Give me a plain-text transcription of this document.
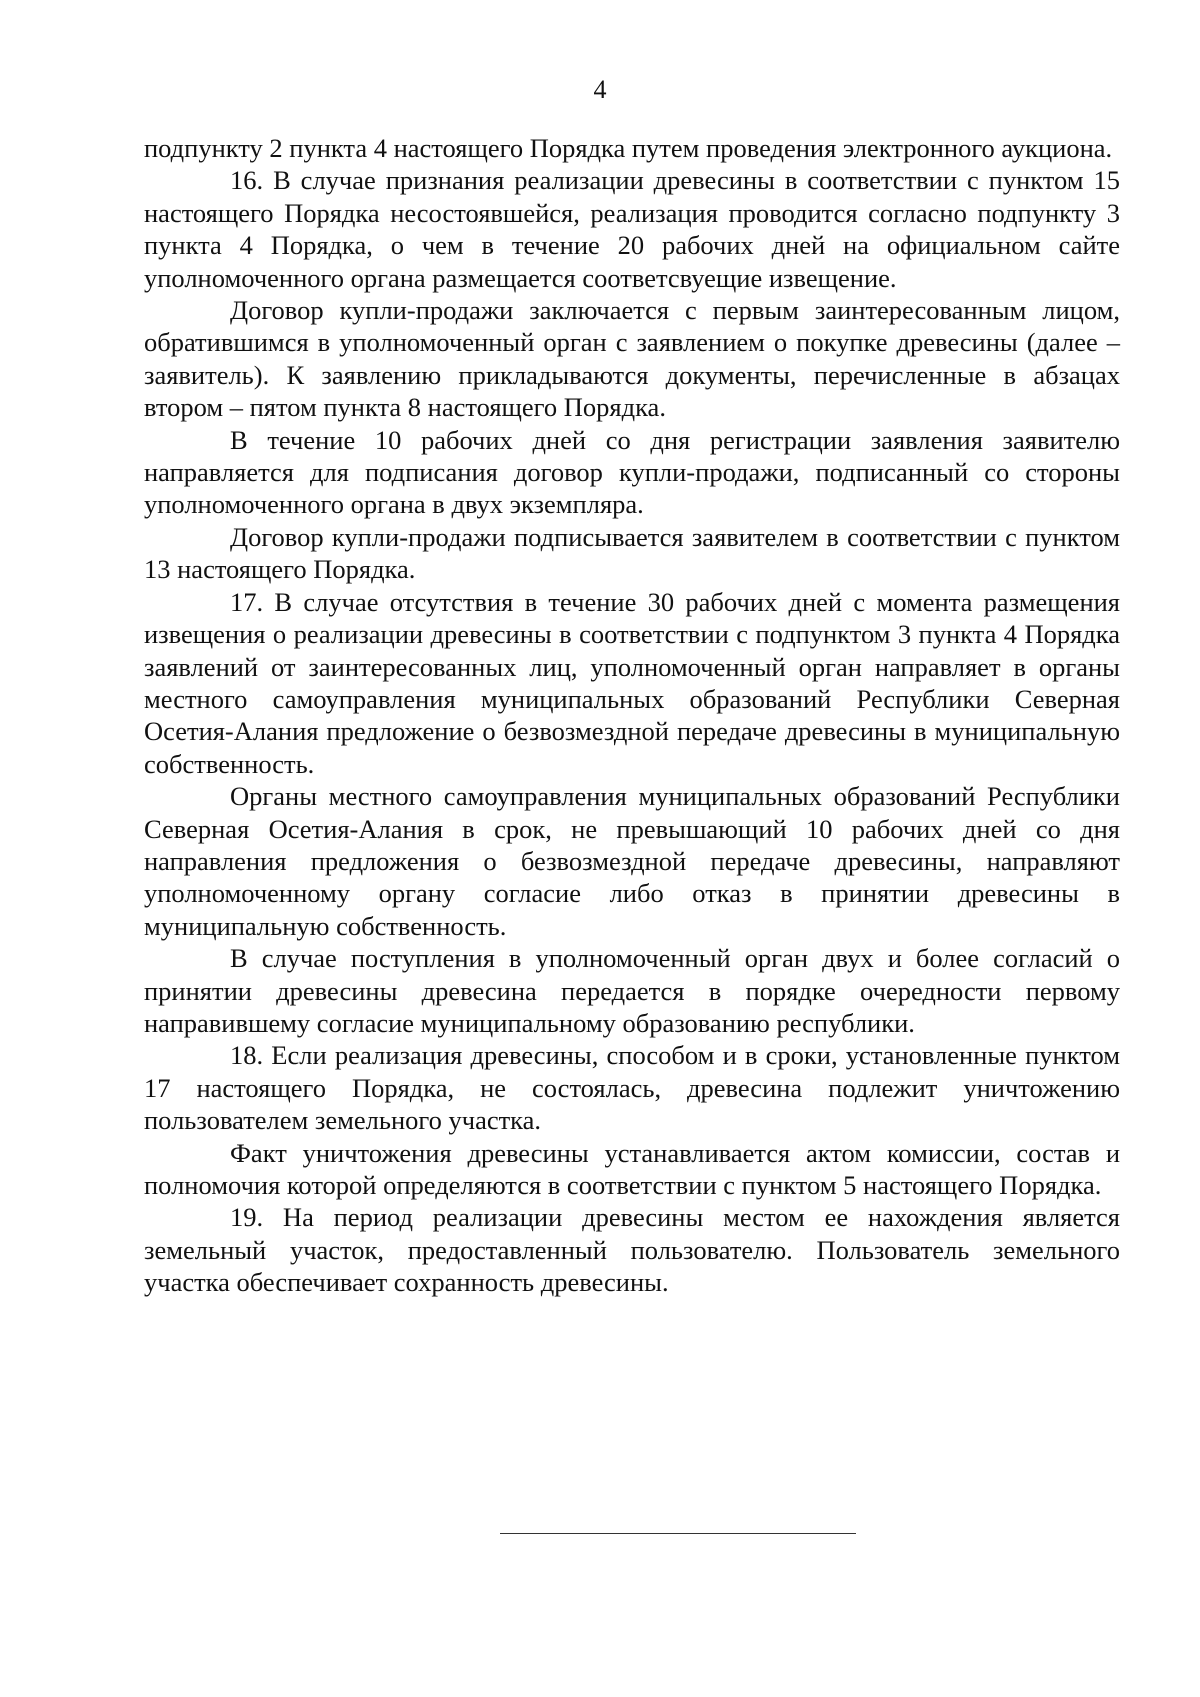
4

подпункту 2 пункта 4 настоящего Порядка путем проведения электронного аукциона.

16. В случае признания реализации древесины в соответствии с пунктом 15 настоящего Порядка несостоявшейся, реализация проводится согласно подпункту 3 пункта 4 Порядка, о чем в течение 20 рабочих дней на официальном сайте уполномоченного органа размещается соответсвуещие извещение.

Договор купли-продажи заключается с первым заинтересованным лицом, обратившимся в уполномоченный орган с заявлением о покупке древесины (далее – заявитель). К заявлению прикладываются документы, перечисленные в абзацах втором – пятом пункта 8 настоящего Порядка.

В течение 10 рабочих дней со дня регистрации заявления заявителю направляется для подписания договор купли-продажи, подписанный со стороны уполномоченного органа в двух экземпляра.

Договор купли-продажи подписывается заявителем в соответствии с пунктом 13 настоящего Порядка.

17. В случае отсутствия в течение 30 рабочих дней с момента размещения извещения о реализации древесины в соответствии с подпунктом 3 пункта 4 Порядка заявлений от заинтересованных лиц, уполномоченный орган направляет в органы местного самоуправления муниципальных образований Республики Северная Осетия-Алания предложение о безвозмездной передаче древесины в муниципальную собственность.

Органы местного самоуправления муниципальных образований Республики Северная Осетия-Алания в срок, не превышающий 10 рабочих дней со дня направления предложения о безвозмездной передаче древесины, направляют уполномоченному органу согласие либо отказ в принятии древесины в муниципальную собственность.

В случае поступления в уполномоченный орган двух и более согласий о принятии древесины древесина передается в порядке очередности первому направившему согласие муниципальному образованию республики.

18. Если реализация древесины, способом и в сроки, установленные пунктом 17 настоящего Порядка, не состоялась, древесина подлежит уничтожению пользователем земельного участка.

Факт уничтожения древесины устанавливается актом комиссии, состав и полномочия которой определяются в соответствии с пунктом 5 настоящего Порядка.

19. На период реализации древесины местом ее нахождения является земельный участок, предоставленный пользователю. Пользователь земельного участка обеспечивает сохранность древесины.
